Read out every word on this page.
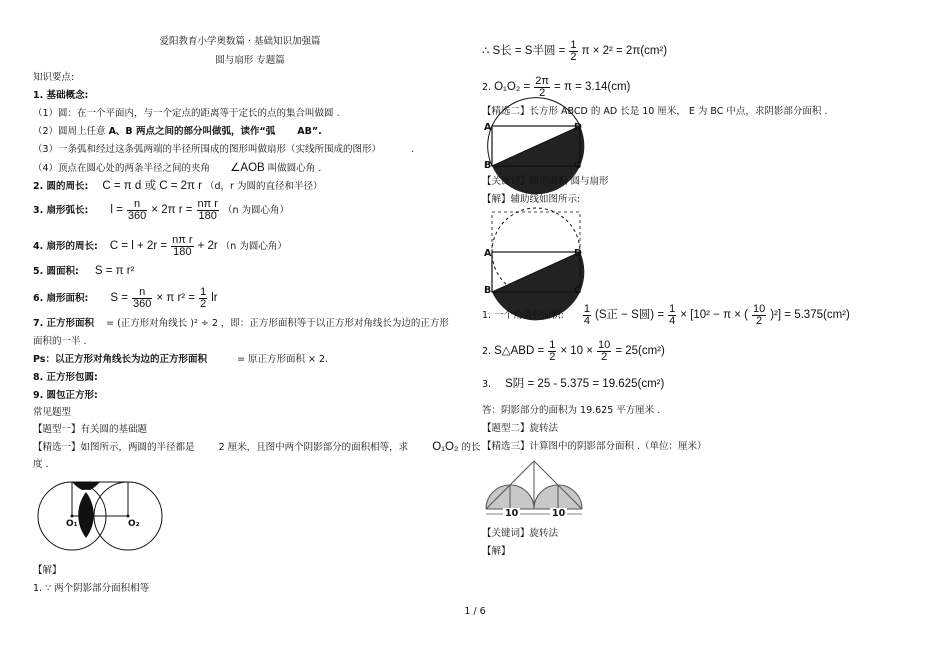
爱阳教育小学奥数篇 · 基础知识加强篇
圆与扇形 专题篇
知识要点:
1. 基础概念:
（1）圆：在一个平面内，与一个定点的距离等于定长的点的集合叫做圆 .
（2）圆周上任意 A、B 两点之间的部分叫做弧，读作“弧 AB”.
（3）一条弧和经过这条弧两端的半径所围成的图形叫做扇形（实线所围成的图形）	.
（4）顶点在圆心处的两条半径之间的夹角 ∠AOB 叫做圆心角 .
2. 圆的周长: C = π d 或 C = 2π r （d，r 为圆的直径和半径）
3. 扇形弧长: $l = \frac{n}{360} \times 2\pi$ $r = \frac{\text{nπ r}}{180} (n$ 为圆心角）
4. 扇形的周长: $C = l + 2r = \frac{\text{nπ r}}{180} + 2r$ （n 为圆心角）
5. 圆面积: S = π r²
6. 扇形面积: $S = \frac{n}{360} \times \pi$ $r^2 = \frac{1}{2}$ lr
7. 正方形面积 = (正方形对角线长 )² ÷ 2 ，即：正方形面积等于以正方形对角线长为边的正方形
面积的一半 .
Ps：以正方形对角线长为边的正方形面积	= 原正方形面积 × 2.
8. 正方形包圆:
9. 圆包正方形:
常见题型
【题型一】有关圆的基础题
【精选一】如图所示，两圆的半径都是	2 厘米，且图中两个阴影部分的面积相等，求 O₁O₂ 的长
度 .
O₁	O₂
【解】
1. ∵ 两个阴影部分面积相等
∴ S长 = S半圆 = $\frac{1}{2}$ π × 2² = 2π(cm²)
2. $O_1O_2 = \frac{2\pi}{2} = \pi = 3.14(cm)$
【精选二】长方形 ABCD 的 AD 长是 10 厘米， E 为 BC 中点，求阴影部分面积 .
A
B	C
D
【关键词】图形面积 圆与扇形
【解】辅助线如图所示:
A
B	C
D
1. 一个角落的面积: $\frac{1}{4} (S$正 − S圆) = $\frac{1}{4} \times [10^2 - \pi$ × ( $\frac{10}{2} )^2] = 5.375(cm^2)$
2. S△ABD = $\frac{1}{2} \times 10 \times \frac{10}{2} = 25(cm^2)$
3. S阴 = 25 - 5.375 = 19.625(cm²)
答：阴影部分的面积为 19.625 平方厘米 .
【题型二】旋转法
【精选三】计算图中的阴影部分面积 .（单位：厘米）
10	10
【关键词】旋转法
【解】
1 / 6
